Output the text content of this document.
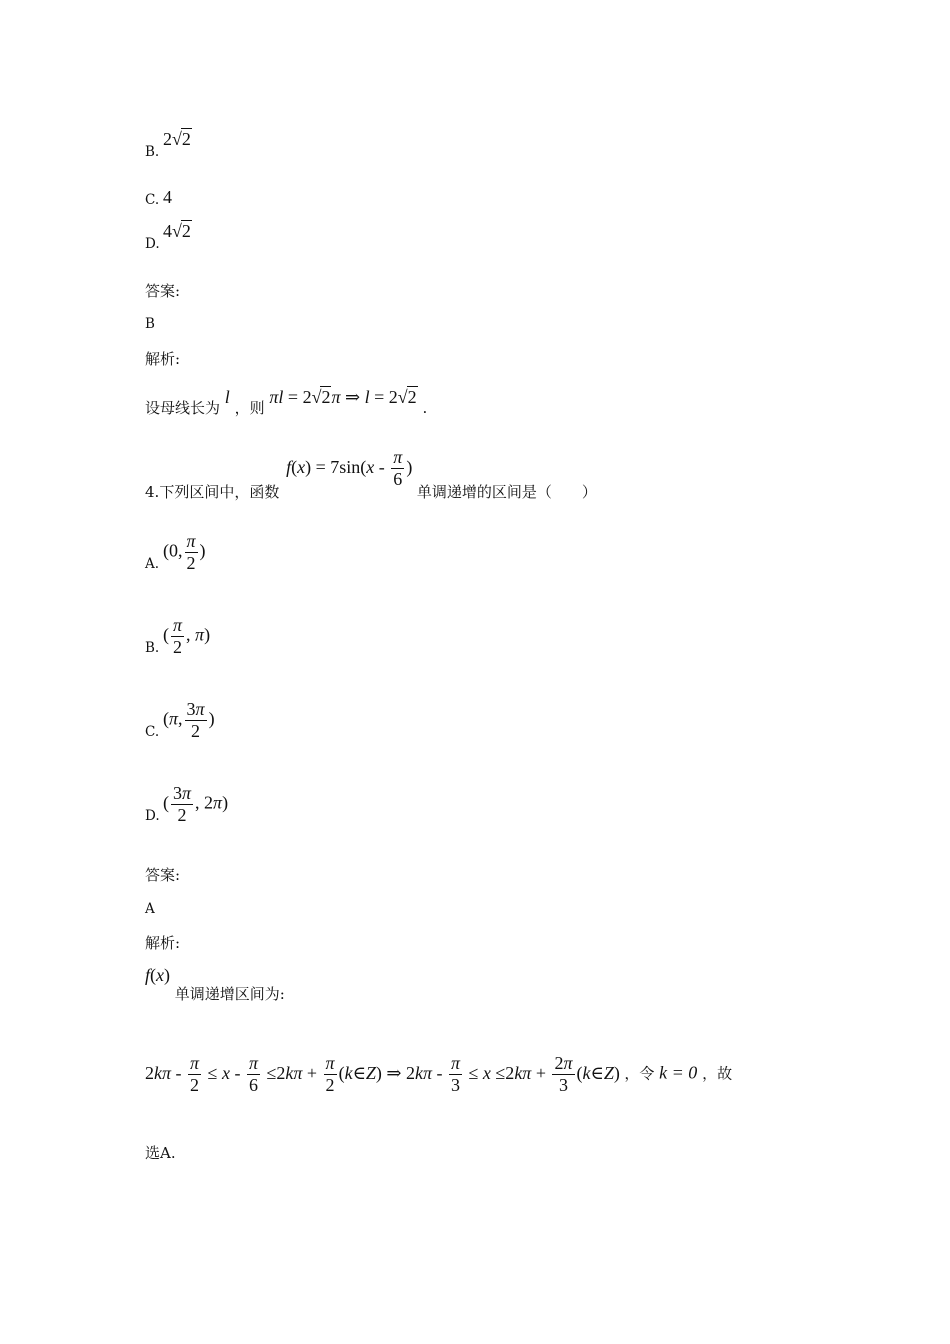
B.
2√2
C. 4
D.
4√2
答案:
B
解析:
设母线长为 l ，则 πl = 2√2π ⇒ l = 2√2 .
4.下列区间中，函数 $f(x) = 7\sin(x - \frac{\pi}{6}$ ) 单调递增的区间是（　　）
A.
(0, $\frac{\pi}{2}$ )
B.
( $\frac{\pi}{2}$ , π)
C.
(π, $\frac{3\pi}{2}$ )
D.
( $\frac{3\pi}{2}$ , 2π)
答案:
A
解析:
f(x) 单调递增区间为:
$2k\pi - \frac{\pi}{2} \le x - \frac{\pi}{6} \le 2k\pi + \frac{\pi}{2}$ (k∈Z) ⇒ $2k\pi - \frac{\pi}{3} \le x \le 2k\pi + \frac{2\pi}{3}$ (k∈Z) ，令 k = 0 ，故
选A.
